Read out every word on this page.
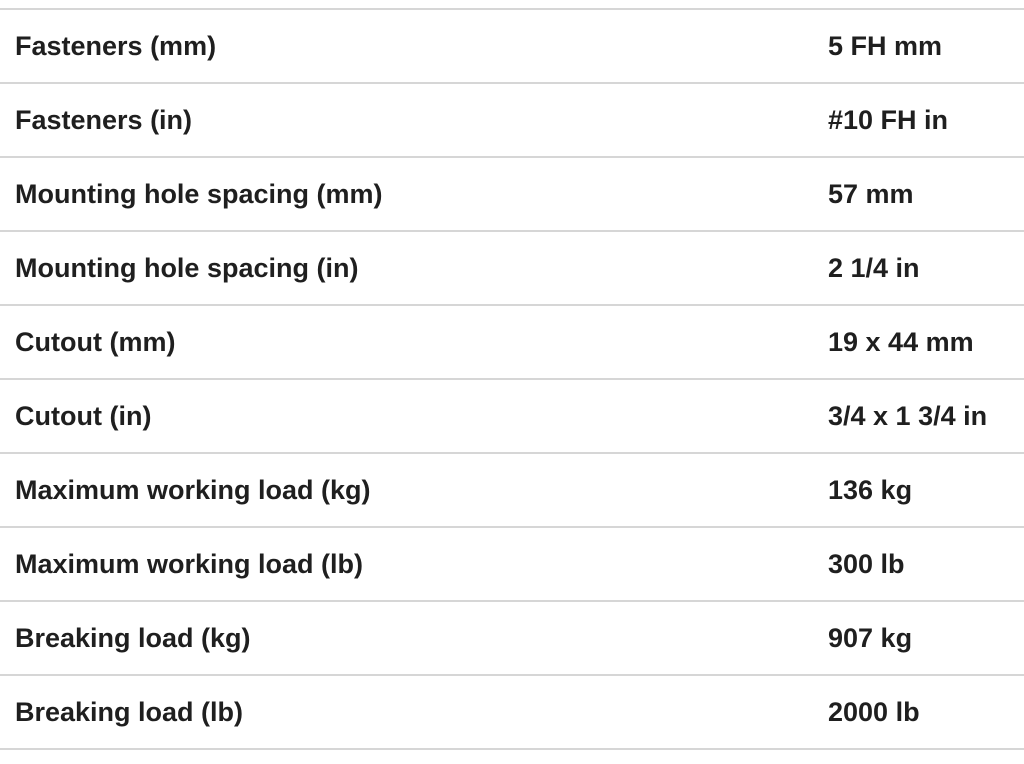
Fasteners (mm)	5 FH mm
Fasteners (in)	#10 FH in
Mounting hole spacing (mm)	57 mm
Mounting hole spacing (in)	2 1/4 in
Cutout (mm)	19 x 44 mm
Cutout (in)	3/4 x 1 3/4 in
Maximum working load (kg)	136 kg
Maximum working load (lb)	300 lb
Breaking load (kg)	907 kg
Breaking load (lb)	2000 lb
